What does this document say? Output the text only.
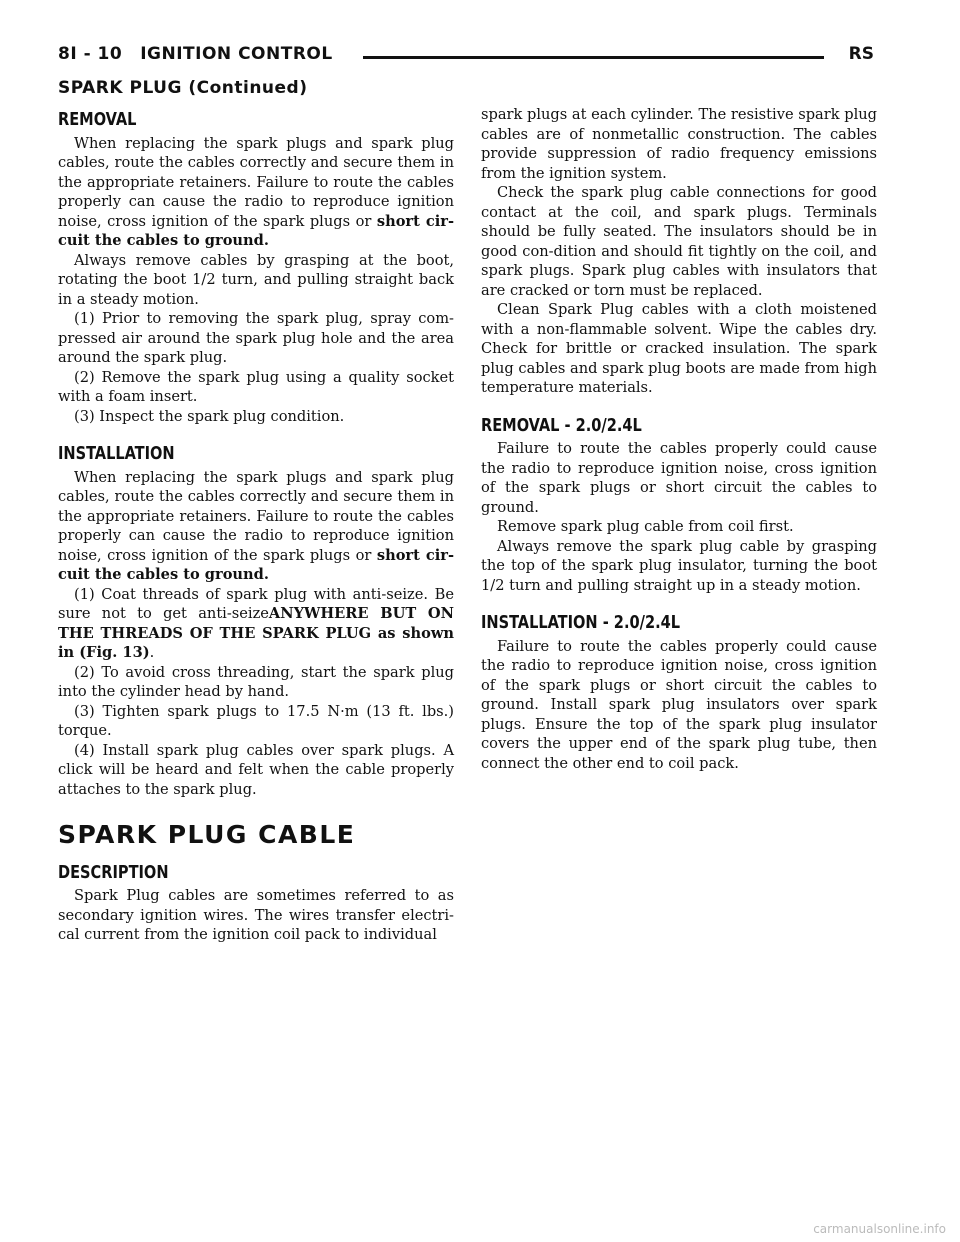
8I - 10 IGNITION CONTROL	RS
SPARK PLUG (Continued)
REMOVAL

When replacing the spark plugs and spark plug cables, route the cables correctly and secure them in the appropriate retainers. Failure to route the cables properly can cause the radio to reproduce ignition noise, cross ignition of the spark plugs or short cir-cuit the cables to ground.

Always remove cables by grasping at the boot, rotating the boot 1/2 turn, and pulling straight back in a steady motion.

(1) Prior to removing the spark plug, spray com-pressed air around the spark plug hole and the area around the spark plug.

(2) Remove the spark plug using a quality socket with a foam insert.

(3) Inspect the spark plug condition.

INSTALLATION

When replacing the spark plugs and spark plug cables, route the cables correctly and secure them in the appropriate retainers. Failure to route the cables properly can cause the radio to reproduce ignition noise, cross ignition of the spark plugs or short cir-cuit the cables to ground.

(1) Coat threads of spark plug with anti-seize. Be sure not to get anti-seizeANYWHERE BUT ON THE THREADS OF THE SPARK PLUG as shown in (Fig. 13).

(2) To avoid cross threading, start the spark plug into the cylinder head by hand.

(3) Tighten spark plugs to 17.5 N·m (13 ft. lbs.) torque.

(4) Install spark plug cables over spark plugs. A click will be heard and felt when the cable properly attaches to the spark plug.

SPARK PLUG CABLE
DESCRIPTION

Spark Plug cables are sometimes referred to as secondary ignition wires. The wires transfer electri-cal current from the ignition coil pack to individual

spark plugs at each cylinder. The resistive spark plug cables are of nonmetallic construction. The cables provide suppression of radio frequency emissions from the ignition system.

Check the spark plug cable connections for good contact at the coil, and spark plugs. Terminals should be fully seated. The insulators should be in good con-dition and should fit tightly on the coil, and spark plugs. Spark plug cables with insulators that are cracked or torn must be replaced.

Clean Spark Plug cables with a cloth moistened with a non-flammable solvent. Wipe the cables dry. Check for brittle or cracked insulation. The spark plug cables and spark plug boots are made from high temperature materials.

REMOVAL - 2.0/2.4L

Failure to route the cables properly could cause the radio to reproduce ignition noise, cross ignition of the spark plugs or short circuit the cables to ground.

Remove spark plug cable from coil first.

Always remove the spark plug cable by grasping the top of the spark plug insulator, turning the boot 1/2 turn and pulling straight up in a steady motion.

INSTALLATION - 2.0/2.4L

Failure to route the cables properly could cause the radio to reproduce ignition noise, cross ignition of the spark plugs or short circuit the cables to ground. Install spark plug insulators over spark plugs. Ensure the top of the spark plug insulator covers the upper end of the spark plug tube, then connect the other end to coil pack.

carmanualsonline.info
